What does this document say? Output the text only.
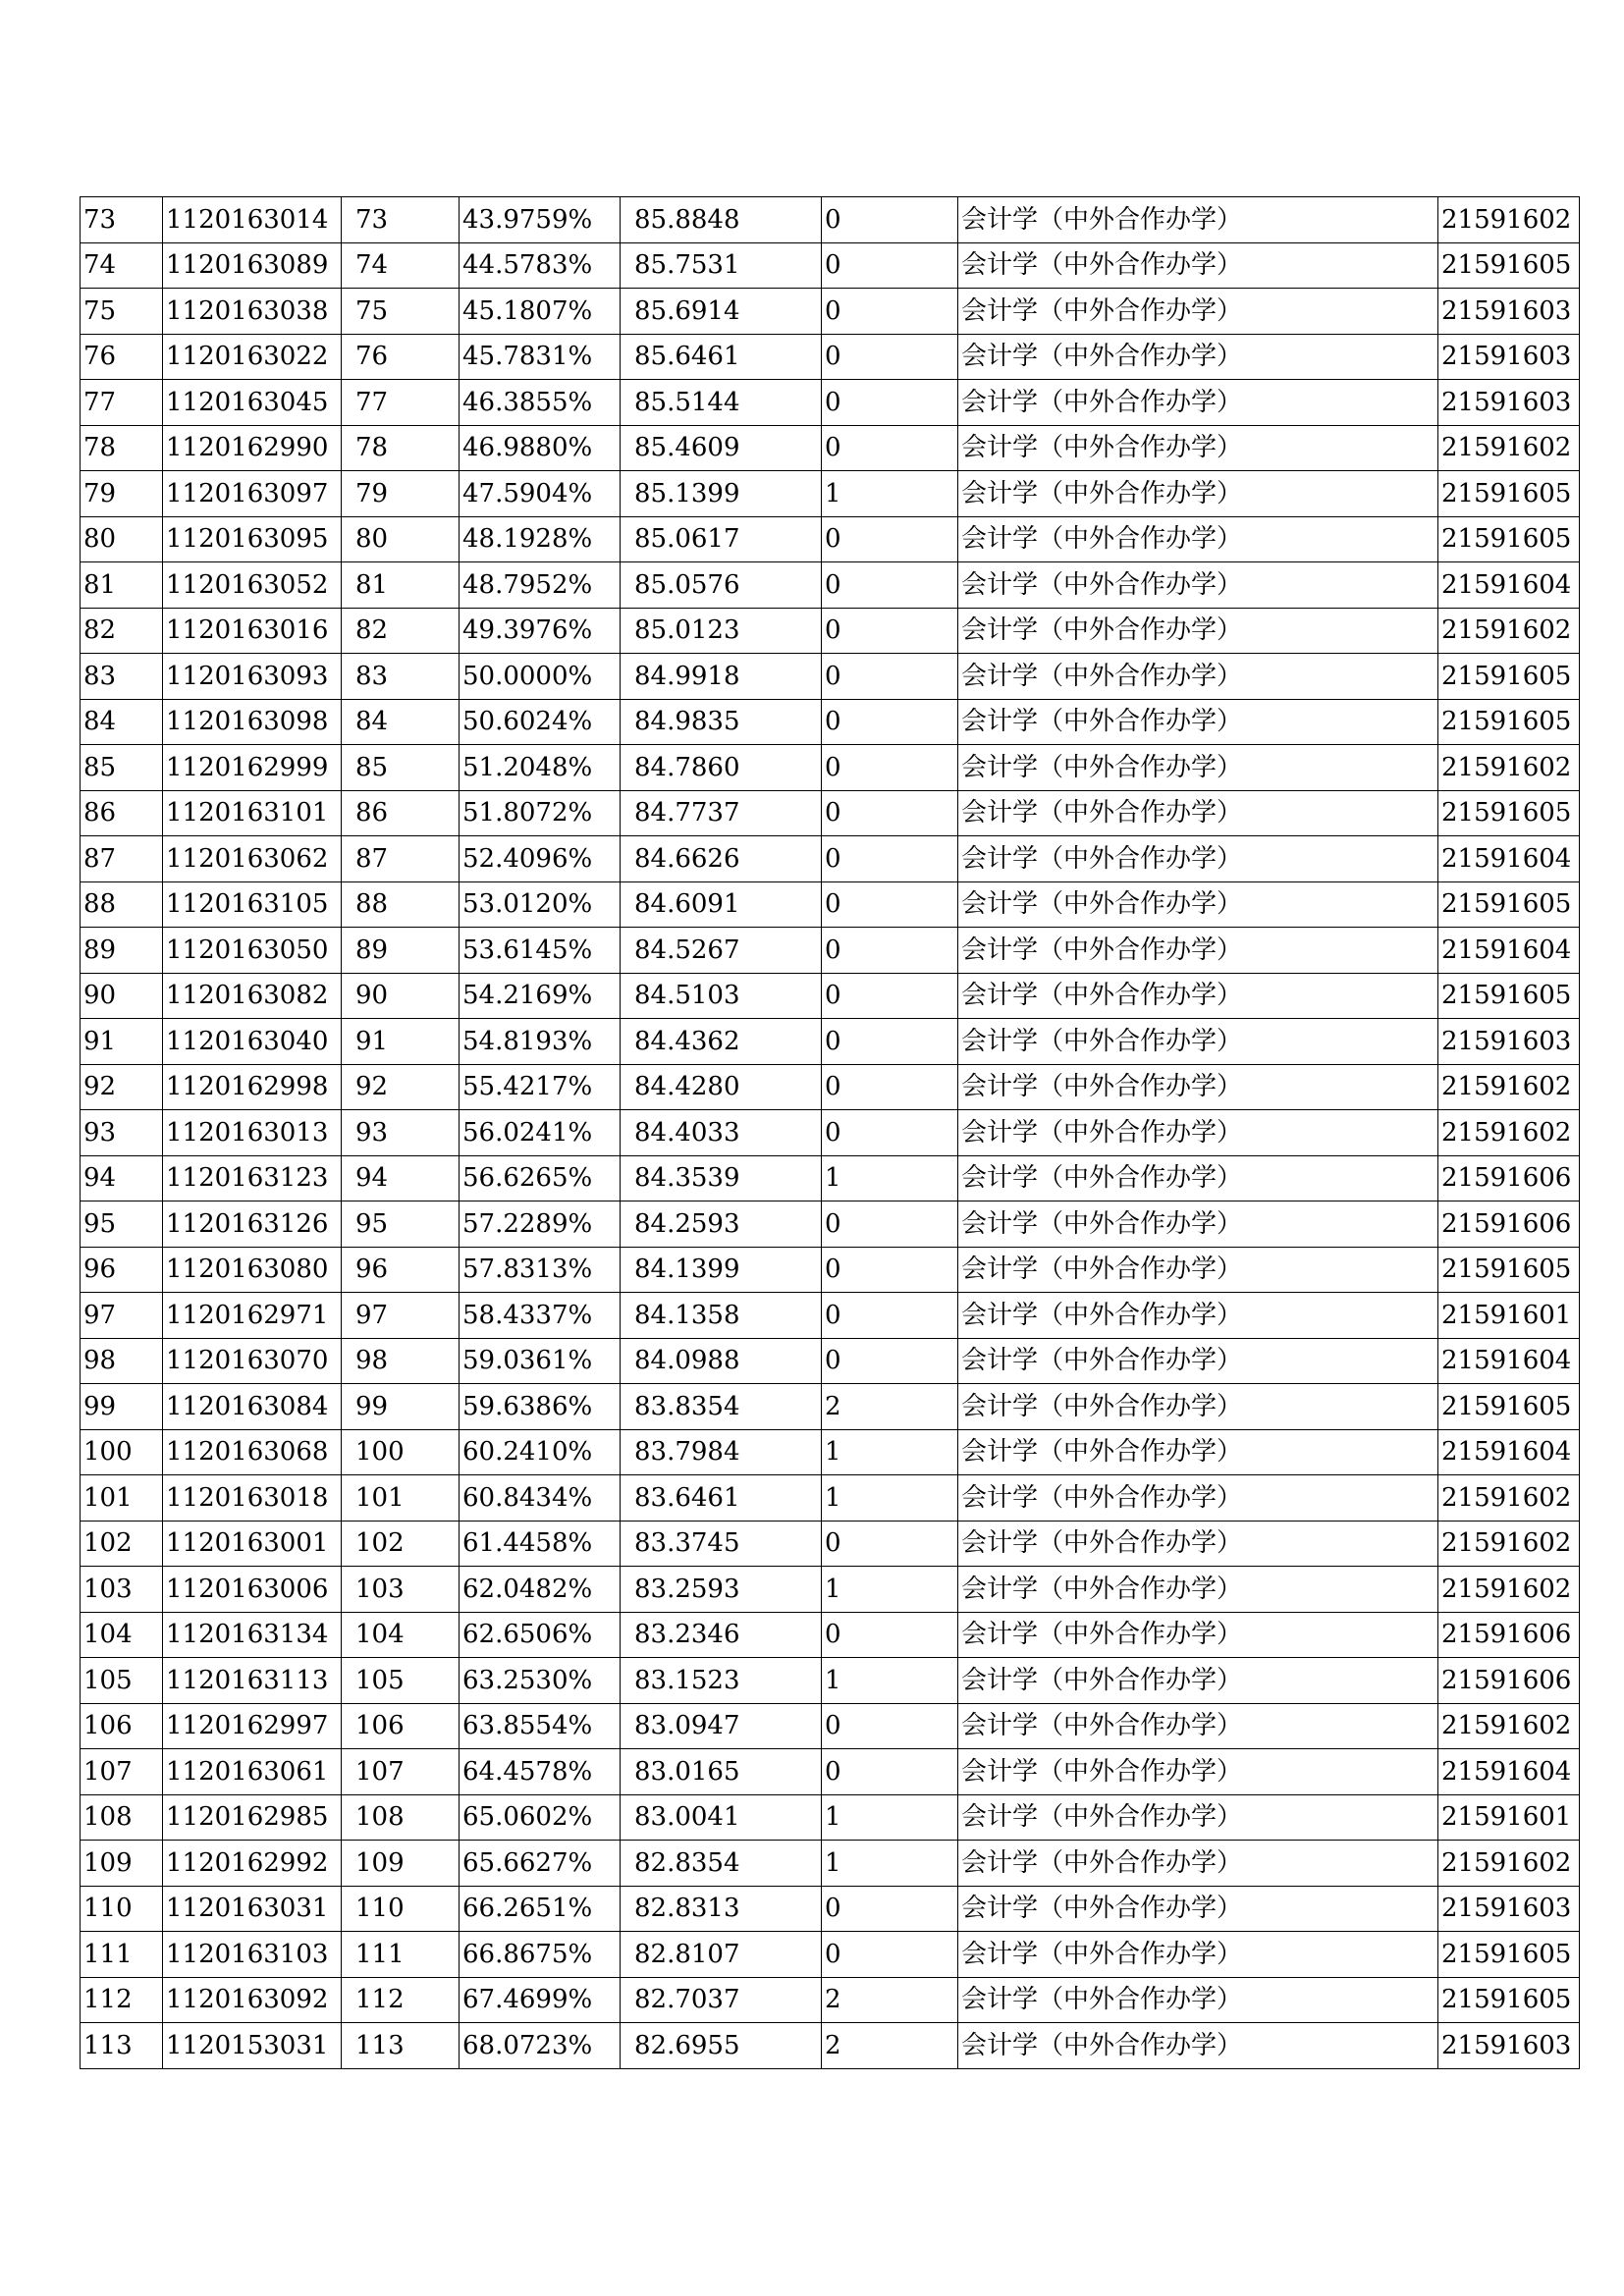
73	1120163014	73	43.9759%	85.8848	0	会计学（中外合作办学）	21591602
74	1120163089	74	44.5783%	85.7531	0	会计学（中外合作办学）	21591605
75	1120163038	75	45.1807%	85.6914	0	会计学（中外合作办学）	21591603
76	1120163022	76	45.7831%	85.6461	0	会计学（中外合作办学）	21591603
77	1120163045	77	46.3855%	85.5144	0	会计学（中外合作办学）	21591603
78	1120162990	78	46.9880%	85.4609	0	会计学（中外合作办学）	21591602
79	1120163097	79	47.5904%	85.1399	1	会计学（中外合作办学）	21591605
80	1120163095	80	48.1928%	85.0617	0	会计学（中外合作办学）	21591605
81	1120163052	81	48.7952%	85.0576	0	会计学（中外合作办学）	21591604
82	1120163016	82	49.3976%	85.0123	0	会计学（中外合作办学）	21591602
83	1120163093	83	50.0000%	84.9918	0	会计学（中外合作办学）	21591605
84	1120163098	84	50.6024%	84.9835	0	会计学（中外合作办学）	21591605
85	1120162999	85	51.2048%	84.7860	0	会计学（中外合作办学）	21591602
86	1120163101	86	51.8072%	84.7737	0	会计学（中外合作办学）	21591605
87	1120163062	87	52.4096%	84.6626	0	会计学（中外合作办学）	21591604
88	1120163105	88	53.0120%	84.6091	0	会计学（中外合作办学）	21591605
89	1120163050	89	53.6145%	84.5267	0	会计学（中外合作办学）	21591604
90	1120163082	90	54.2169%	84.5103	0	会计学（中外合作办学）	21591605
91	1120163040	91	54.8193%	84.4362	0	会计学（中外合作办学）	21591603
92	1120162998	92	55.4217%	84.4280	0	会计学（中外合作办学）	21591602
93	1120163013	93	56.0241%	84.4033	0	会计学（中外合作办学）	21591602
94	1120163123	94	56.6265%	84.3539	1	会计学（中外合作办学）	21591606
95	1120163126	95	57.2289%	84.2593	0	会计学（中外合作办学）	21591606
96	1120163080	96	57.8313%	84.1399	0	会计学（中外合作办学）	21591605
97	1120162971	97	58.4337%	84.1358	0	会计学（中外合作办学）	21591601
98	1120163070	98	59.0361%	84.0988	0	会计学（中外合作办学）	21591604
99	1120163084	99	59.6386%	83.8354	2	会计学（中外合作办学）	21591605
100	1120163068	100	60.2410%	83.7984	1	会计学（中外合作办学）	21591604
101	1120163018	101	60.8434%	83.6461	1	会计学（中外合作办学）	21591602
102	1120163001	102	61.4458%	83.3745	0	会计学（中外合作办学）	21591602
103	1120163006	103	62.0482%	83.2593	1	会计学（中外合作办学）	21591602
104	1120163134	104	62.6506%	83.2346	0	会计学（中外合作办学）	21591606
105	1120163113	105	63.2530%	83.1523	1	会计学（中外合作办学）	21591606
106	1120162997	106	63.8554%	83.0947	0	会计学（中外合作办学）	21591602
107	1120163061	107	64.4578%	83.0165	0	会计学（中外合作办学）	21591604
108	1120162985	108	65.0602%	83.0041	1	会计学（中外合作办学）	21591601
109	1120162992	109	65.6627%	82.8354	1	会计学（中外合作办学）	21591602
110	1120163031	110	66.2651%	82.8313	0	会计学（中外合作办学）	21591603
111	1120163103	111	66.8675%	82.8107	0	会计学（中外合作办学）	21591605
112	1120163092	112	67.4699%	82.7037	2	会计学（中外合作办学）	21591605
113	1120153031	113	68.0723%	82.6955	2	会计学（中外合作办学）	21591603
